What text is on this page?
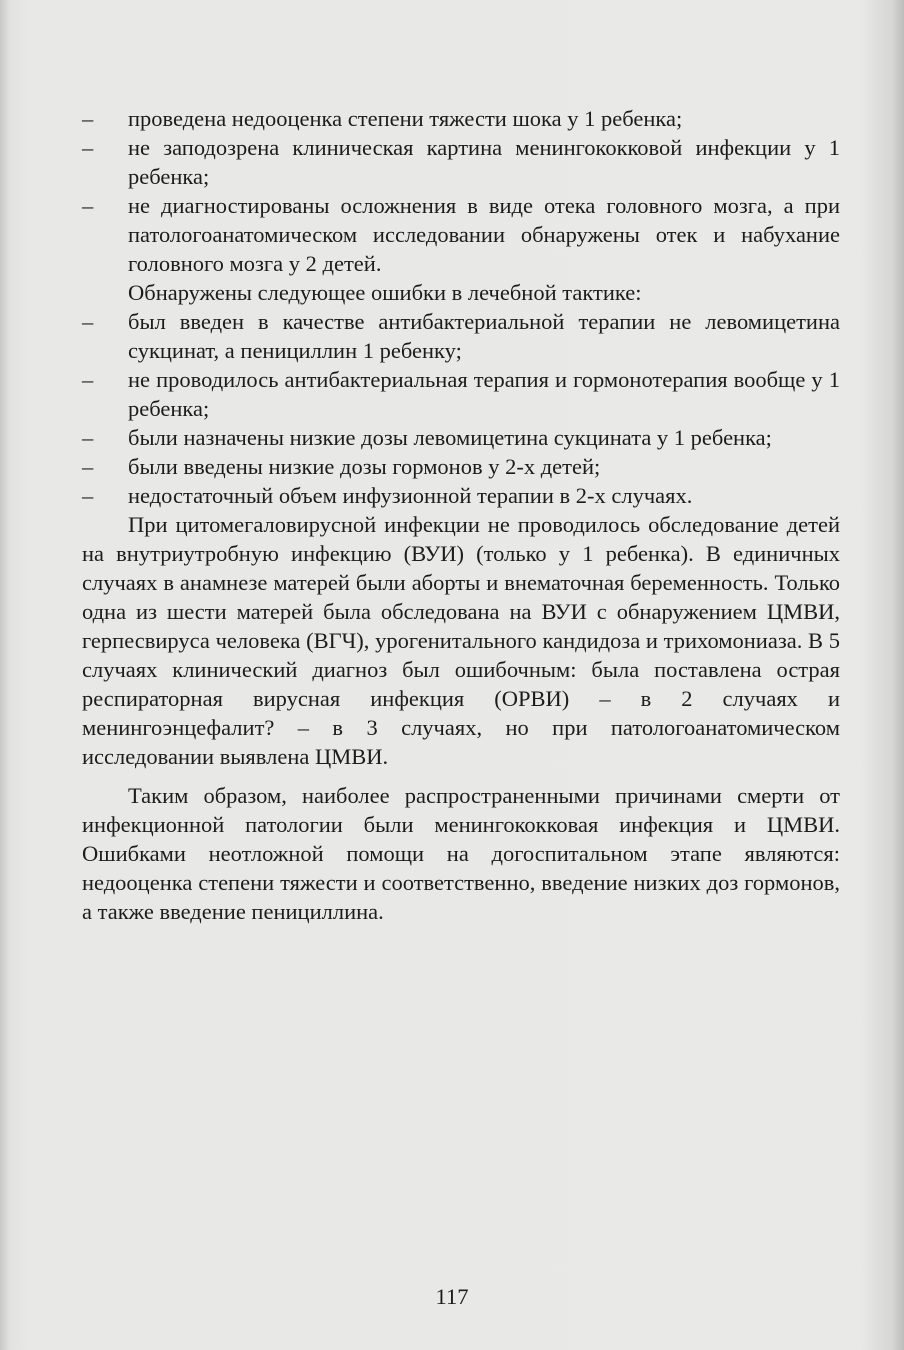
– проведена недооценка степени тяжести шока у 1 ребенка;
– не заподозрена клиническая картина менингококковой инфекции у 1 ребенка;
– не диагностированы осложнения в виде отека головного мозга, а при патологоанатомическом исследовании обнаружены отек и набухание головного мозга у 2 детей.

Обнаружены следующее ошибки в лечебной тактике:

– был введен в качестве антибактериальной терапии не левомицетина сукцинат, а пенициллин 1 ребенку;
– не проводилось антибактериальная терапия и гормонотерапия вообще у 1 ребенка;
– были назначены низкие дозы левомицетина сукцината у 1 ребенка;
– были введены низкие дозы гормонов у 2-х детей;
– недостаточный объем инфузионной терапии в 2-х случаях.

При цитомегаловирусной инфекции не проводилось обследование детей на внутриутробную инфекцию (ВУИ) (только у 1 ребенка). В единичных случаях в анамнезе матерей были аборты и внематочная беременность. Только одна из шести матерей была обследована на ВУИ с обнаружением ЦМВИ, герпесвируса человека (ВГЧ), урогенитального кандидоза и трихомониаза. В 5 случаях клинический диагноз был ошибочным: была поставлена острая респираторная вирусная инфекция (ОРВИ) – в 2 случаях и менингоэнцефалит? – в 3 случаях, но при патологоанатомическом исследовании выявлена ЦМВИ.

Таким образом, наиболее распространенными причинами смерти от инфекционной патологии были менингококковая инфекция и ЦМВИ. Ошибками неотложной помощи на догоспитальном этапе являются: недооценка степени тяжести и соответственно, введение низких доз гормонов, а также введение пенициллина.

117
